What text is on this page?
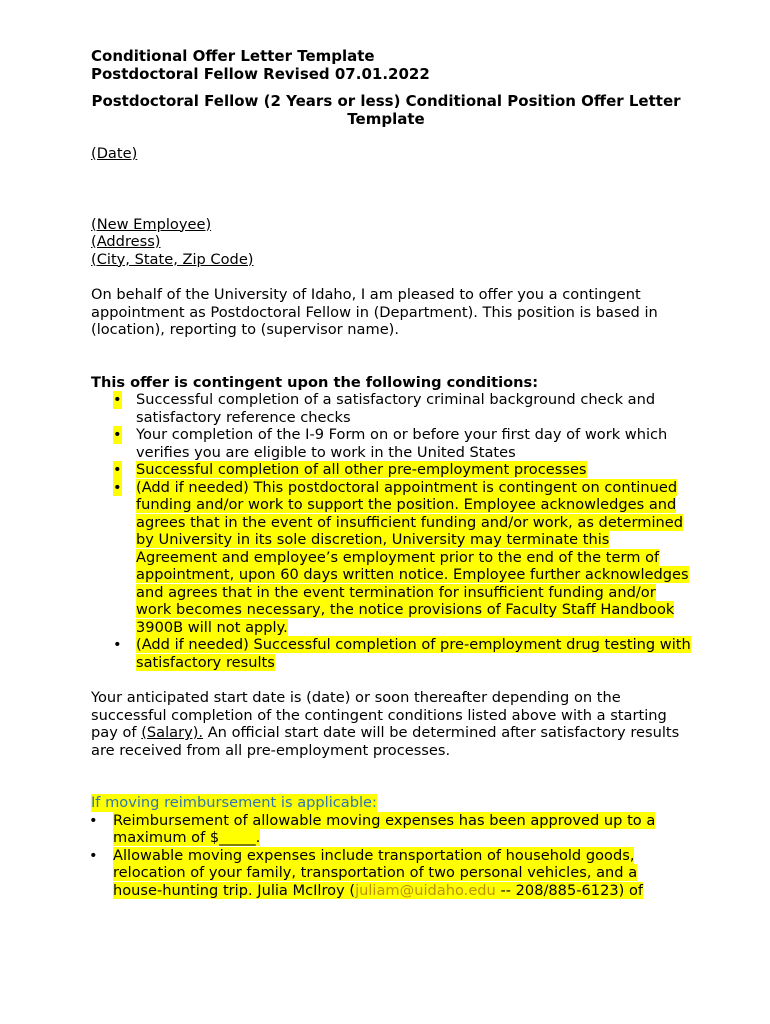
Conditional Offer Letter Template
Postdoctoral Fellow Revised 07.01.2022
Postdoctoral Fellow (2 Years or less) Conditional Position Offer Letter Template

(Date)

(New Employee)
(Address)
(City, State, Zip Code)

On behalf of the University of Idaho, I am pleased to offer you a contingent appointment as Postdoctoral Fellow in (Department). This position is based in (location), reporting to (supervisor name).

This offer is contingent upon the following conditions:

• Successful completion of a satisfactory criminal background check and satisfactory reference checks
• Your completion of the I-9 Form on or before your first day of work which verifies you are eligible to work in the United States
• Successful completion of all other pre-employment processes
• (Add if needed) This postdoctoral appointment is contingent on continued funding and/or work to support the position. Employee acknowledges and agrees that in the event of insufficient funding and/or work, as determined by University in its sole discretion, University may terminate this Agreement and employee’s employment prior to the end of the term of appointment, upon 60 days written notice. Employee further acknowledges and agrees that in the event termination for insufficient funding and/or work becomes necessary, the notice provisions of Faculty Staff Handbook 3900B will not apply.
• (Add if needed) Successful completion of pre-employment drug testing with satisfactory results

Your anticipated start date is (date) or soon thereafter depending on the successful completion of the contingent conditions listed above with a starting pay of (Salary). An official start date will be determined after satisfactory results are received from all pre-employment processes.

If moving reimbursement is applicable:

• Reimbursement of allowable moving expenses has been approved up to a maximum of $_____.
• Allowable moving expenses include transportation of household goods, relocation of your family, transportation of two personal vehicles, and a house-hunting trip. Julia McIlroy (juliam@uidaho.edu -- 208/885-6123) of
